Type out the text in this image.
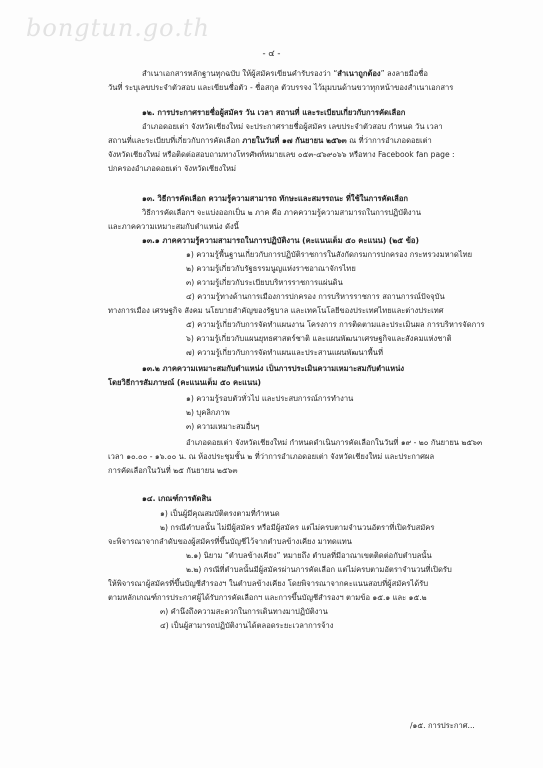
bongtun.go.th
- ๔ -
สำเนาเอกสารหลักฐานทุกฉบับ ให้ผู้สมัครเขียนคำรับรองว่า “สำเนาถูกต้อง” ลงลายมือชื่อ
วันที่ ระบุเลขประจำตัวสอบ และเขียนชื่อตัว - ชื่อสกุล ตัวบรรจง ไว้มุมบนด้านขวาทุกหน้าของสำเนาเอกสาร
๑๒. การประกาศรายชื่อผู้สมัคร วัน เวลา สถานที่ และระเบียบเกี่ยวกับการคัดเลือก
อำเภอดอยเต่า จังหวัดเชียงใหม่ จะประกาศรายชื่อผู้สมัคร เลขประจำตัวสอบ กำหนด วัน เวลา
สถานที่และระเบียบที่เกี่ยวกับการคัดเลือก ภายในวันที่ ๑๗ กันยายน ๒๕๖๓ ณ ที่ว่าการอำเภอดอยเต่า
จังหวัดเชียงใหม่ หรือติดต่อสอบถามทางโทรศัพท์หมายเลข ๐๕๓-๔๖๙๐๖๖ หรือทาง Facebook fan page :
ปกครองอำเภอดอยเต่า จังหวัดเชียงใหม่
๑๓. วิธีการคัดเลือก ความรู้ความสามารถ ทักษะและสมรรถนะ ที่ใช้ในการคัดเลือก
วิธีการคัดเลือกฯ จะแบ่งออกเป็น ๒ ภาค คือ ภาคความรู้ความสามารถในการปฏิบัติงาน
และภาคความเหมาะสมกับตำแหน่ง ดังนี้
๑๓.๑ ภาคความรู้ความสามารถในการปฏิบัติงาน (คะแนนเต็ม ๕๐ คะแนน) (๒๕ ข้อ)
๑) ความรู้พื้นฐานเกี่ยวกับการปฏิบัติราชการในสังกัดกรมการปกครอง กระทรวงมหาดไทย
๒) ความรู้เกี่ยวกับรัฐธรรมนูญแห่งราชอาณาจักรไทย
๓) ความรู้เกี่ยวกับระเบียบบริหารราชการแผ่นดิน
๔) ความรู้ทางด้านการเมืองการปกครอง การบริหารราชการ สถานการณ์ปัจจุบัน
ทางการเมือง เศรษฐกิจ สังคม นโยบายสำคัญของรัฐบาล และเทคโนโลยีของประเทศไทยและต่างประเทศ
๕) ความรู้เกี่ยวกับการจัดทำแผนงาน โครงการ การติดตามและประเมินผล การบริหารจัดการ
๖) ความรู้เกี่ยวกับแผนยุทธศาสตร์ชาติ และแผนพัฒนาเศรษฐกิจและสังคมแห่งชาติ
๗) ความรู้เกี่ยวกับการจัดทำแผนและประสานแผนพัฒนาพื้นที่
๑๓.๒ ภาคความเหมาะสมกับตำแหน่ง เป็นการประเมินความเหมาะสมกับตำแหน่ง
โดยวิธีการสัมภาษณ์ (คะแนนเต็ม ๕๐ คะแนน)
๑) ความรู้รอบตัวทั่วไป และประสบการณ์การทำงาน
๒) บุคลิกภาพ
๓) ความเหมาะสมอื่นๆ
อำเภอดอยเต่า จังหวัดเชียงใหม่ กำหนดดำเนินการคัดเลือกในวันที่ ๑๙ - ๒๐ กันยายน ๒๕๖๓
เวลา ๑๐.๐๐ - ๑๖.๐๐ น. ณ ห้องประชุมชั้น ๒ ที่ว่าการอำเภอดอยเต่า จังหวัดเชียงใหม่ และประกาศผล
การคัดเลือกในวันที่ ๒๕ กันยายน ๒๕๖๓
๑๔. เกณฑ์การตัดสิน
๑) เป็นผู้มีคุณสมบัติตรงตามที่กำหนด
๒) กรณีตำบลนั้น ไม่มีผู้สมัคร หรือมีผู้สมัคร แต่ไม่ครบตามจำนวนอัตราที่เปิดรับสมัคร
จะพิจารณาจากลำดับของผู้สมัครที่ขึ้นบัญชีไว้จากตำบลข้างเคียง มาทดแทน
๒.๑) นิยาม “ตำบลข้างเคียง” หมายถึง ตำบลที่มีอาณาเขตติดต่อกับตำบลนั้น
๒.๒) กรณีที่ตำบลนั้นมีผู้สมัครผ่านการคัดเลือก แต่ไม่ครบตามอัตราจำนวนที่เปิดรับ
ให้พิจารณาผู้สมัครที่ขึ้นบัญชีสำรองฯ ในตำบลข้างเคียง โดยพิจารณาจากคะแนนสอบที่ผู้สมัครได้รับ
ตามหลักเกณฑ์การประกาศผู้ได้รับการคัดเลือกฯ และการขึ้นบัญชีสำรองฯ ตามข้อ ๑๕.๑ และ ๑๕.๒
๓) คำนึงถึงความสะดวกในการเดินทางมาปฏิบัติงาน
๔) เป็นผู้สามารถปฏิบัติงานได้ตลอดระยะเวลาการจ้าง
/๑๕. การประกาศ...
